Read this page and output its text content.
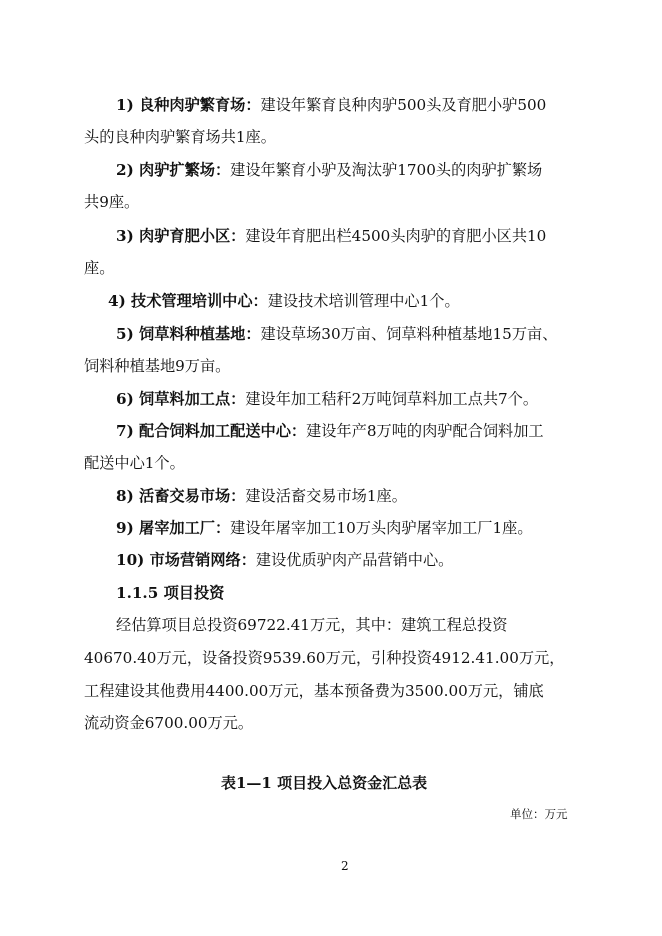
1) 良种肉驴繁育场：建设年繁育良种肉驴500头及育肥小驴500
头的良种肉驴繁育场共1座。
2) 肉驴扩繁场：建设年繁育小驴及淘汰驴1700头的肉驴扩繁场
共9座。
3) 肉驴育肥小区：建设年育肥出栏4500头肉驴的育肥小区共10
座。
4) 技术管理培训中心：建设技术培训管理中心1个。
5) 饲草料种植基地：建设草场30万亩、饲草料种植基地15万亩、
饲料种植基地9万亩。
6) 饲草料加工点：建设年加工秸秆2万吨饲草料加工点共7个。
7) 配合饲料加工配送中心：建设年产8万吨的肉驴配合饲料加工
配送中心1个。
8) 活畜交易市场：建设活畜交易市场1座。
9) 屠宰加工厂：建设年屠宰加工10万头肉驴屠宰加工厂1座。
10) 市场营销网络：建设优质驴肉产品营销中心。
1.1.5 项目投资
经估算项目总投资69722.41万元，其中：建筑工程总投资
40670.40万元，设备投资9539.60万元，引种投资4912.41.00万元，
工程建设其他费用4400.00万元，基本预备费为3500.00万元，铺底
流动资金6700.00万元。
表1—1 项目投入总资金汇总表
单位：万元
2
